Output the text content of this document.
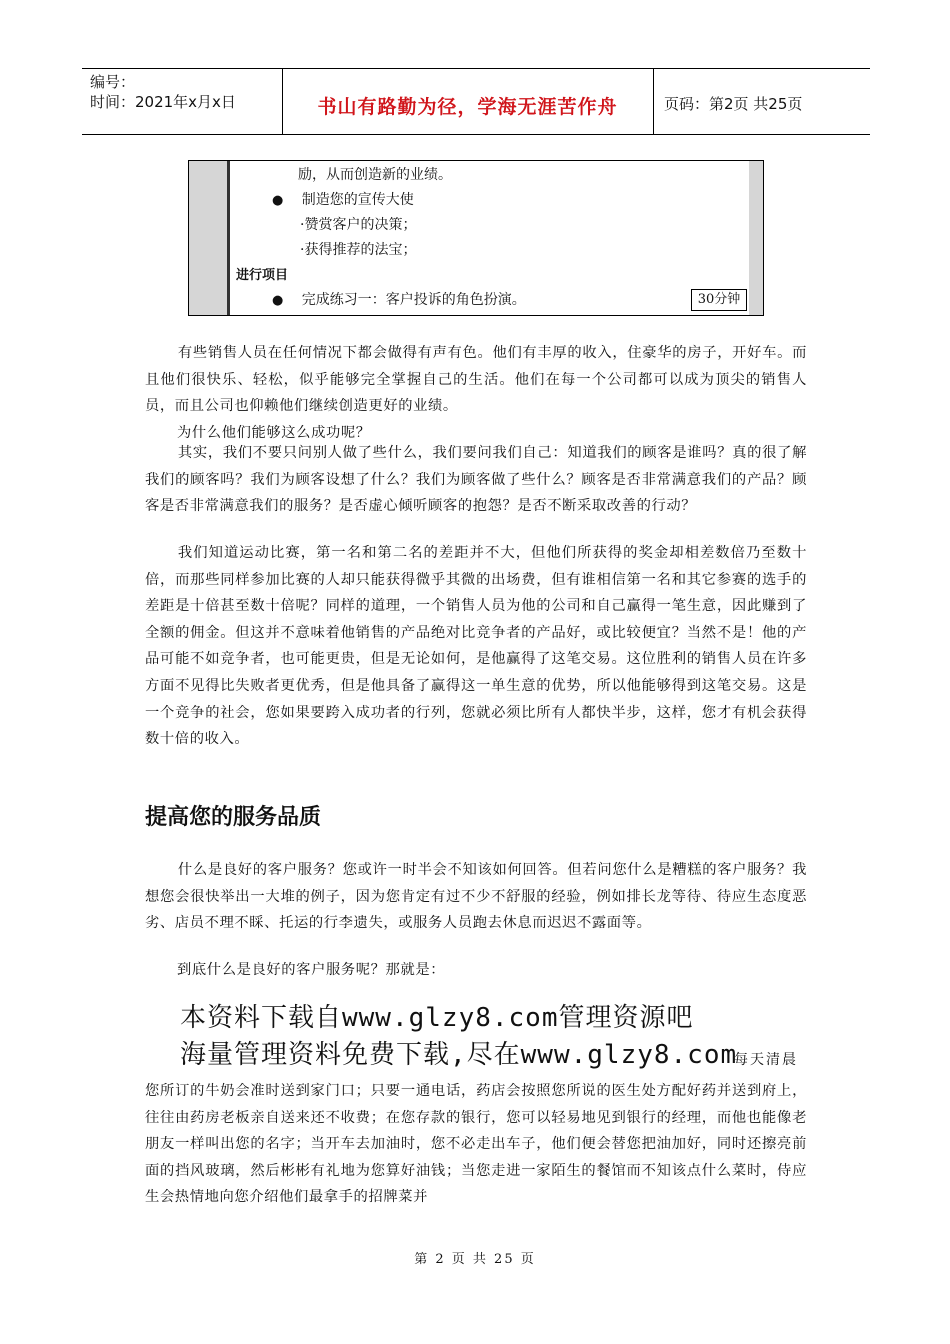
编号：
时间：2021年x月x日	书山有路勤为径，学海无涯苦作舟	页码：第2页 共25页
励，从而创造新的业绩。
● 制造您的宣传大使
·赞赏客户的决策；
·获得推荐的法宝；
进行项目
● 完成练习一：客户投诉的角色扮演。	30分钟

有些销售人员在任何情况下都会做得有声有色。他们有丰厚的收入，住豪华的房子，开好车。而且他们很快乐、轻松，似乎能够完全掌握自己的生活。他们在每一个公司都可以成为顶尖的销售人员，而且公司也仰赖他们继续创造更好的业绩。

为什么他们能够这么成功呢？

其实，我们不要只问别人做了些什么，我们要问我们自己：知道我们的顾客是谁吗？真的很了解我们的顾客吗？我们为顾客设想了什么？我们为顾客做了些什么？顾客是否非常满意我们的产品？顾客是否非常满意我们的服务？是否虚心倾听顾客的抱怨？是否不断采取改善的行动？

我们知道运动比赛，第一名和第二名的差距并不大，但他们所获得的奖金却相差数倍乃至数十倍，而那些同样参加比赛的人却只能获得微乎其微的出场费，但有谁相信第一名和其它参赛的选手的差距是十倍甚至数十倍呢？同样的道理，一个销售人员为他的公司和自己赢得一笔生意，因此赚到了全额的佣金。但这并不意味着他销售的产品绝对比竞争者的产品好，或比较便宜？当然不是！他的产品可能不如竞争者，也可能更贵，但是无论如何，是他赢得了这笔交易。这位胜利的销售人员在许多方面不见得比失败者更优秀，但是他具备了赢得这一单生意的优势，所以他能够得到这笔交易。这是一个竞争的社会，您如果要跨入成功者的行列，您就必须比所有人都快半步，这样，您才有机会获得数十倍的收入。

提高您的服务品质

什么是良好的客户服务？您或许一时半会不知该如何回答。但若问您什么是糟糕的客户服务？我想您会很快举出一大堆的例子，因为您肯定有过不少不舒服的经验，例如排长龙等待、待应生态度恶劣、店员不理不睬、托运的行李遗失，或服务人员跑去休息而迟迟不露面等。

到底什么是良好的客户服务呢？那就是：

本资料下载自www.glzy8.com管理资源吧
海量管理资料免费下载,尽在www.glzy8.com
每天清晨

您所订的牛奶会准时送到家门口；只要一通电话，药店会按照您所说的医生处方配好药并送到府上，往往由药房老板亲自送来还不收费；在您存款的银行，您可以轻易地见到银行的经理，而他也能像老朋友一样叫出您的名字；当开车去加油时，您不必走出车子，他们便会替您把油加好，同时还擦亮前面的挡风玻璃，然后彬彬有礼地为您算好油钱；当您走进一家陌生的餐馆而不知该点什么菜时，侍应生会热情地向您介绍他们最拿手的招牌菜并

第 2 页 共 25 页
